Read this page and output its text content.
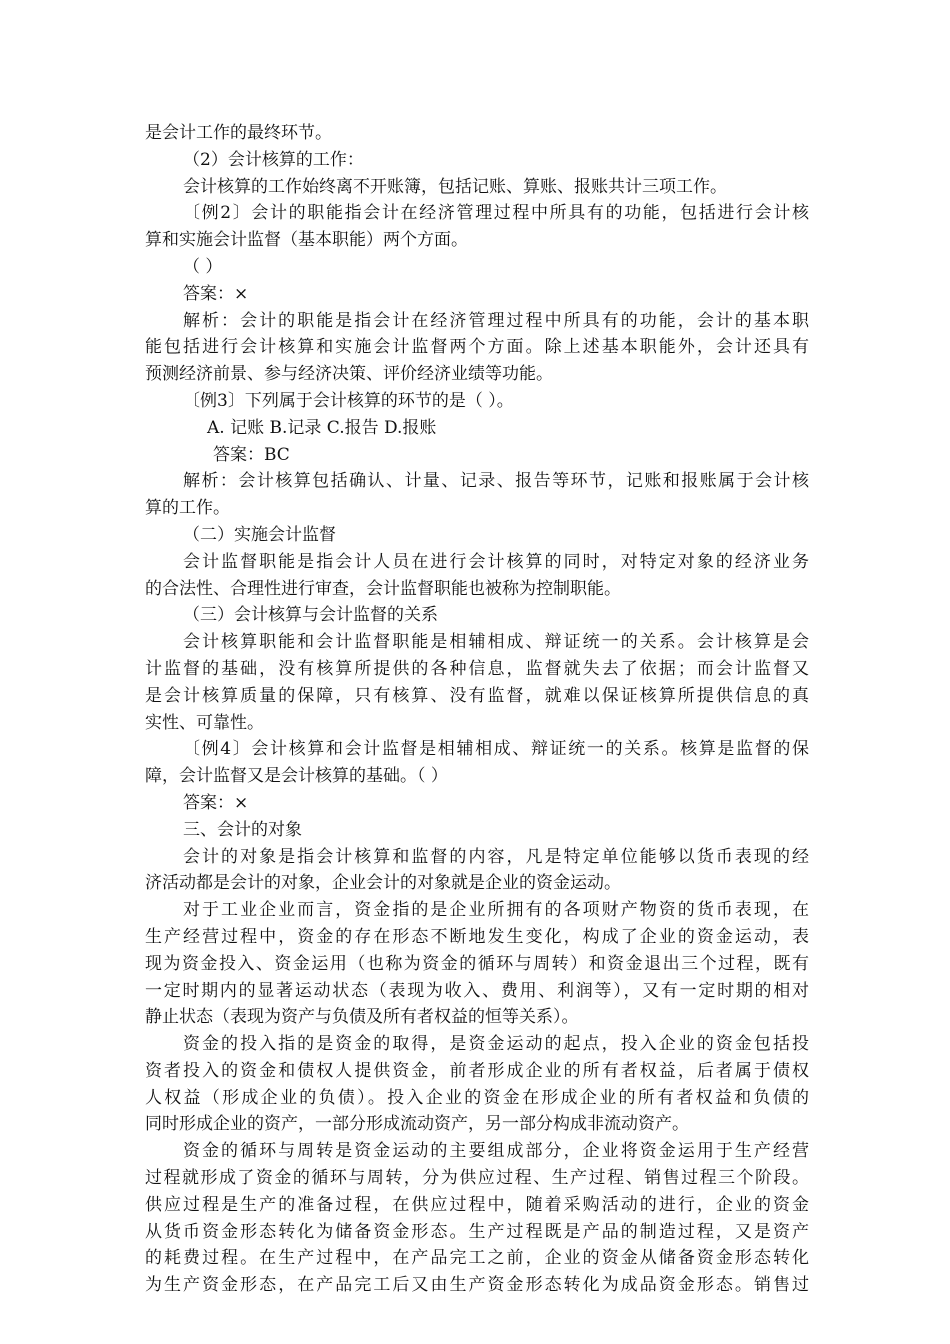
是会计工作的最终环节。
（2）会计核算的工作：
会计核算的工作始终离不开账簿，包括记账、算账、报账共计三项工作。
〔例2〕会计的职能指会计在经济管理过程中所具有的功能，包括进行会计核
算和实施会计监督（基本职能）两个方面。
（ ）
答案：×
解析：会计的职能是指会计在经济管理过程中所具有的功能，会计的基本职
能包括进行会计核算和实施会计监督两个方面。除上述基本职能外，会计还具有
预测经济前景、参与经济决策、评价经济业绩等功能。
〔例3〕下列属于会计核算的环节的是（ ）。
A. 记账 B.记录 C.报告 D.报账
答案：BC
解析：会计核算包括确认、计量、记录、报告等环节，记账和报账属于会计核
算的工作。
（二）实施会计监督
会计监督职能是指会计人员在进行会计核算的同时，对特定对象的经济业务
的合法性、合理性进行审查，会计监督职能也被称为控制职能。
（三）会计核算与会计监督的关系
会计核算职能和会计监督职能是相辅相成、辩证统一的关系。会计核算是会
计监督的基础，没有核算所提供的各种信息，监督就失去了依据；而会计监督又
是会计核算质量的保障，只有核算、没有监督，就难以保证核算所提供信息的真
实性、可靠性。
〔例4〕会计核算和会计监督是相辅相成、辩证统一的关系。核算是监督的保
障，会计监督又是会计核算的基础。（ ）
答案：×
三、会计的对象
会计的对象是指会计核算和监督的内容，凡是特定单位能够以货币表现的经
济活动都是会计的对象，企业会计的对象就是企业的资金运动。
对于工业企业而言，资金指的是企业所拥有的各项财产物资的货币表现，在
生产经营过程中，资金的存在形态不断地发生变化，构成了企业的资金运动，表
现为资金投入、资金运用（也称为资金的循环与周转）和资金退出三个过程，既有
一定时期内的显著运动状态（表现为收入、费用、利润等），又有一定时期的相对
静止状态（表现为资产与负债及所有者权益的恒等关系）。
资金的投入指的是资金的取得，是资金运动的起点，投入企业的资金包括投
资者投入的资金和债权人提供资金，前者形成企业的所有者权益，后者属于债权
人权益（形成企业的负债）。投入企业的资金在形成企业的所有者权益和负债的
同时形成企业的资产，一部分形成流动资产，另一部分构成非流动资产。
资金的循环与周转是资金运动的主要组成部分，企业将资金运用于生产经营
过程就形成了资金的循环与周转，分为供应过程、生产过程、销售过程三个阶段。
供应过程是生产的准备过程，在供应过程中，随着采购活动的进行，企业的资金
从货币资金形态转化为储备资金形态。生产过程既是产品的制造过程，又是资产
的耗费过程。在生产过程中，在产品完工之前，企业的资金从储备资金形态转化
为生产资金形态，在产品完工后又由生产资金形态转化为成品资金形态。销售过
